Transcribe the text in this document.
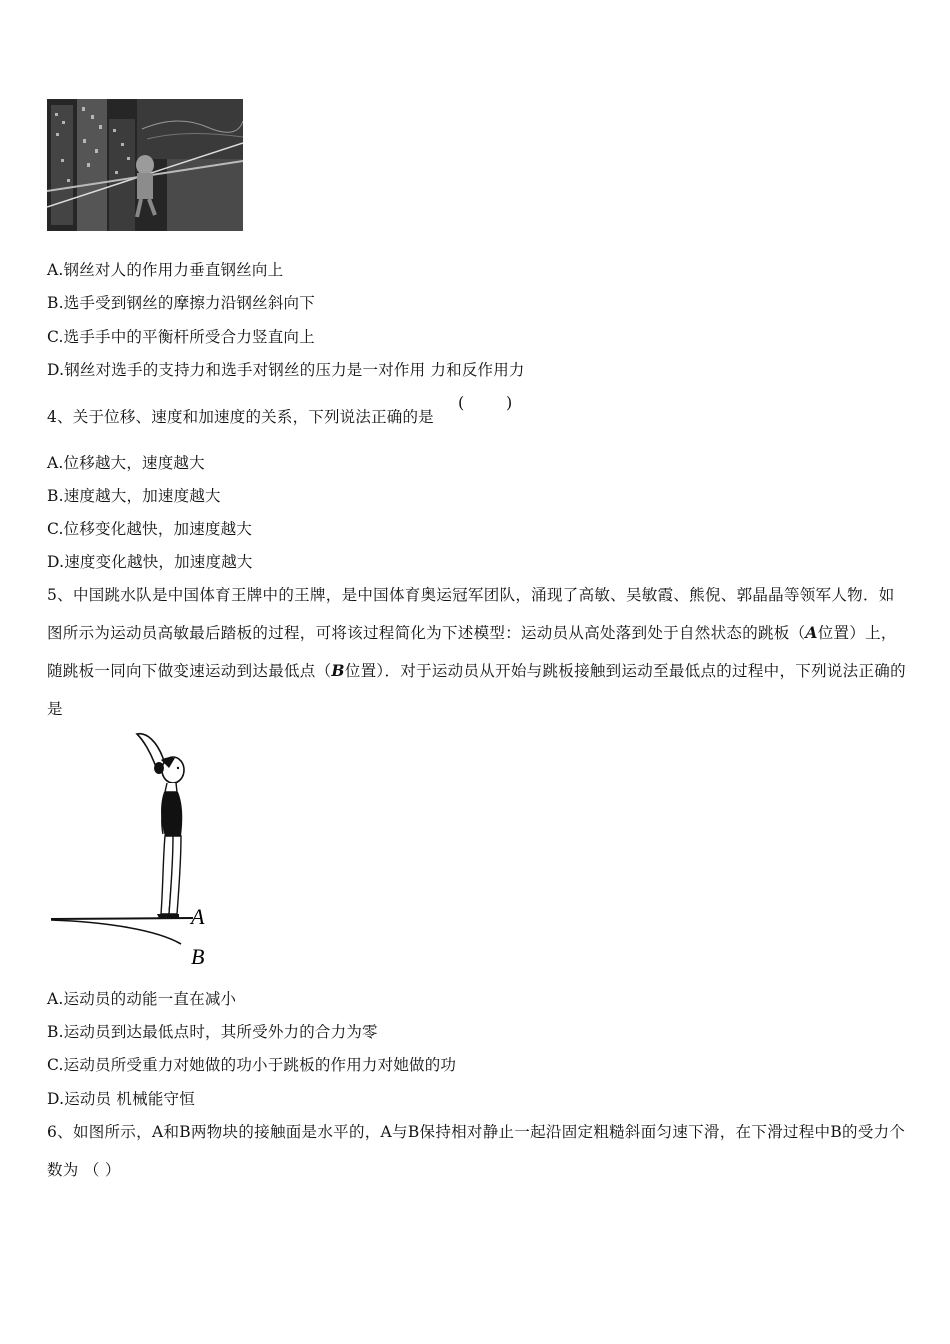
A.钢丝对人的作用力垂直钢丝向上
B.选手受到钢丝的摩擦力沿钢丝斜向下
C.选手手中的平衡杆所受合力竖直向上
D.钢丝对选手的支持力和选手对钢丝的压力是一对作用 力和反作用力
4、关于位移、速度和加速度的关系，下列说法正确的是
(	)
A.位移越大，速度越大
B.速度越大，加速度越大
C.位移变化越快，加速度越大
D.速度变化越快，加速度越大
5、中国跳水队是中国体育王牌中的王牌，是中国体育奥运冠军团队，涌现了高敏、吴敏霞、熊倪、郭晶晶等领军人物．如图所示为运动员高敏最后踏板的过程，可将该过程简化为下述模型：运动员从高处落到处于自然状态的跳板（A位置）上，随跳板一同向下做变速运动到达最低点（B位置）．对于运动员从开始与跳板接触到运动至最低点的过程中，下列说法正确的是
A
B
A.运动员的动能一直在减小
B.运动员到达最低点时，其所受外力的合力为零
C.运动员所受重力对她做的功小于跳板的作用力对她做的功
D.运动员 机械能守恒
6、如图所示，A和B两物块的接触面是水平的，A与B保持相对静止一起沿固定粗糙斜面匀速下滑，在下滑过程中B的受力个数为 （ ）
